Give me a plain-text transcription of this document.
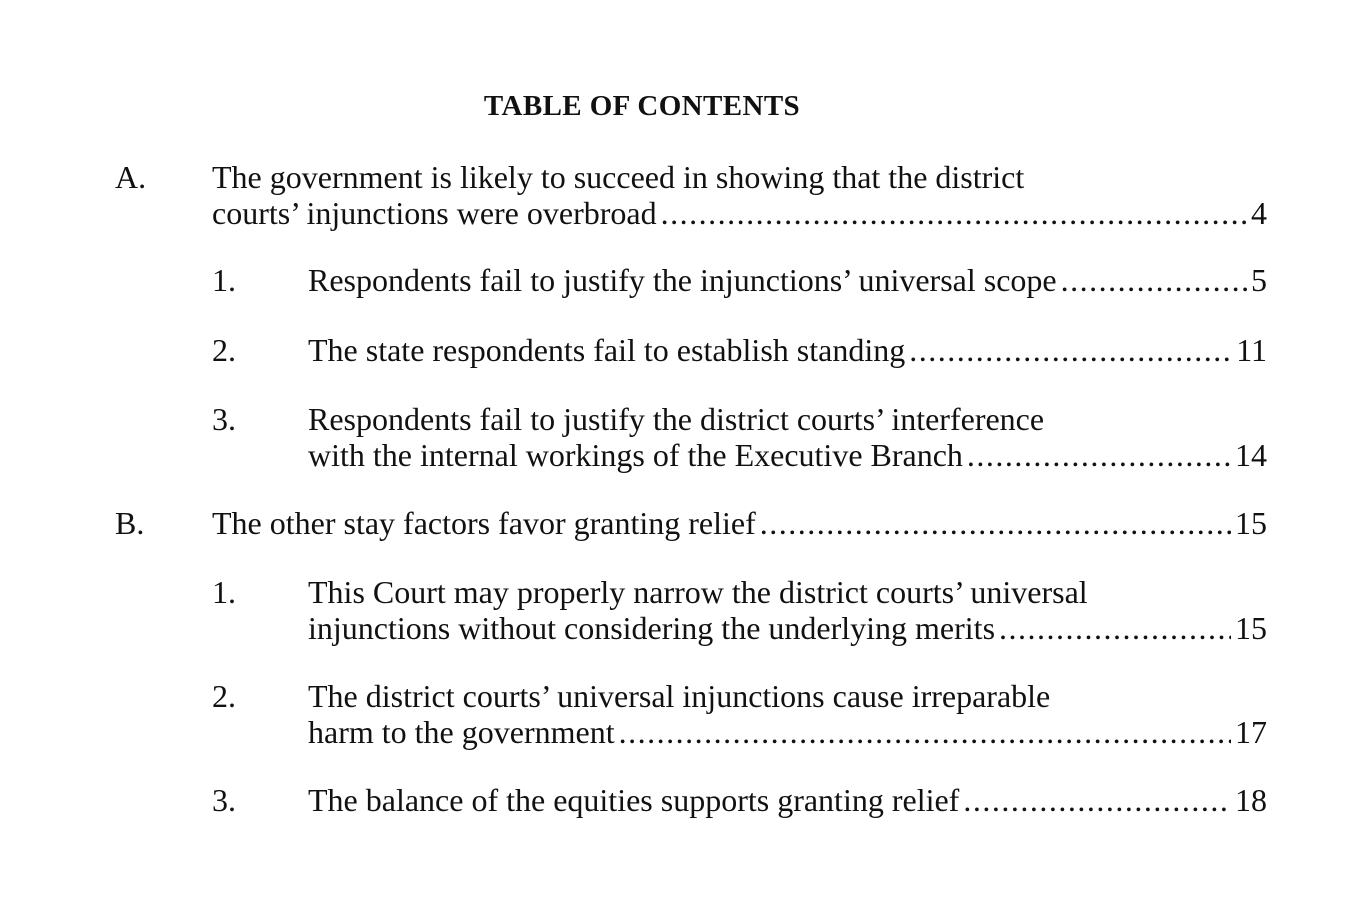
TABLE OF CONTENTS
A. The government is likely to succeed in showing that the district
courts’ injunctions were overbroad .....	4
1. Respondents fail to justify the injunctions’ universal scope .....	5
2. The state respondents fail to establish standing .....	11
3. Respondents fail to justify the district courts’ interference
with the internal workings of the Executive Branch .....	14
B. The other stay factors favor granting relief .....	15
1. This Court may properly narrow the district courts’ universal
injunctions without considering the underlying merits .....	15
2. The district courts’ universal injunctions cause irreparable
harm to the government .....	17
3. The balance of the equities supports granting relief .....	18
